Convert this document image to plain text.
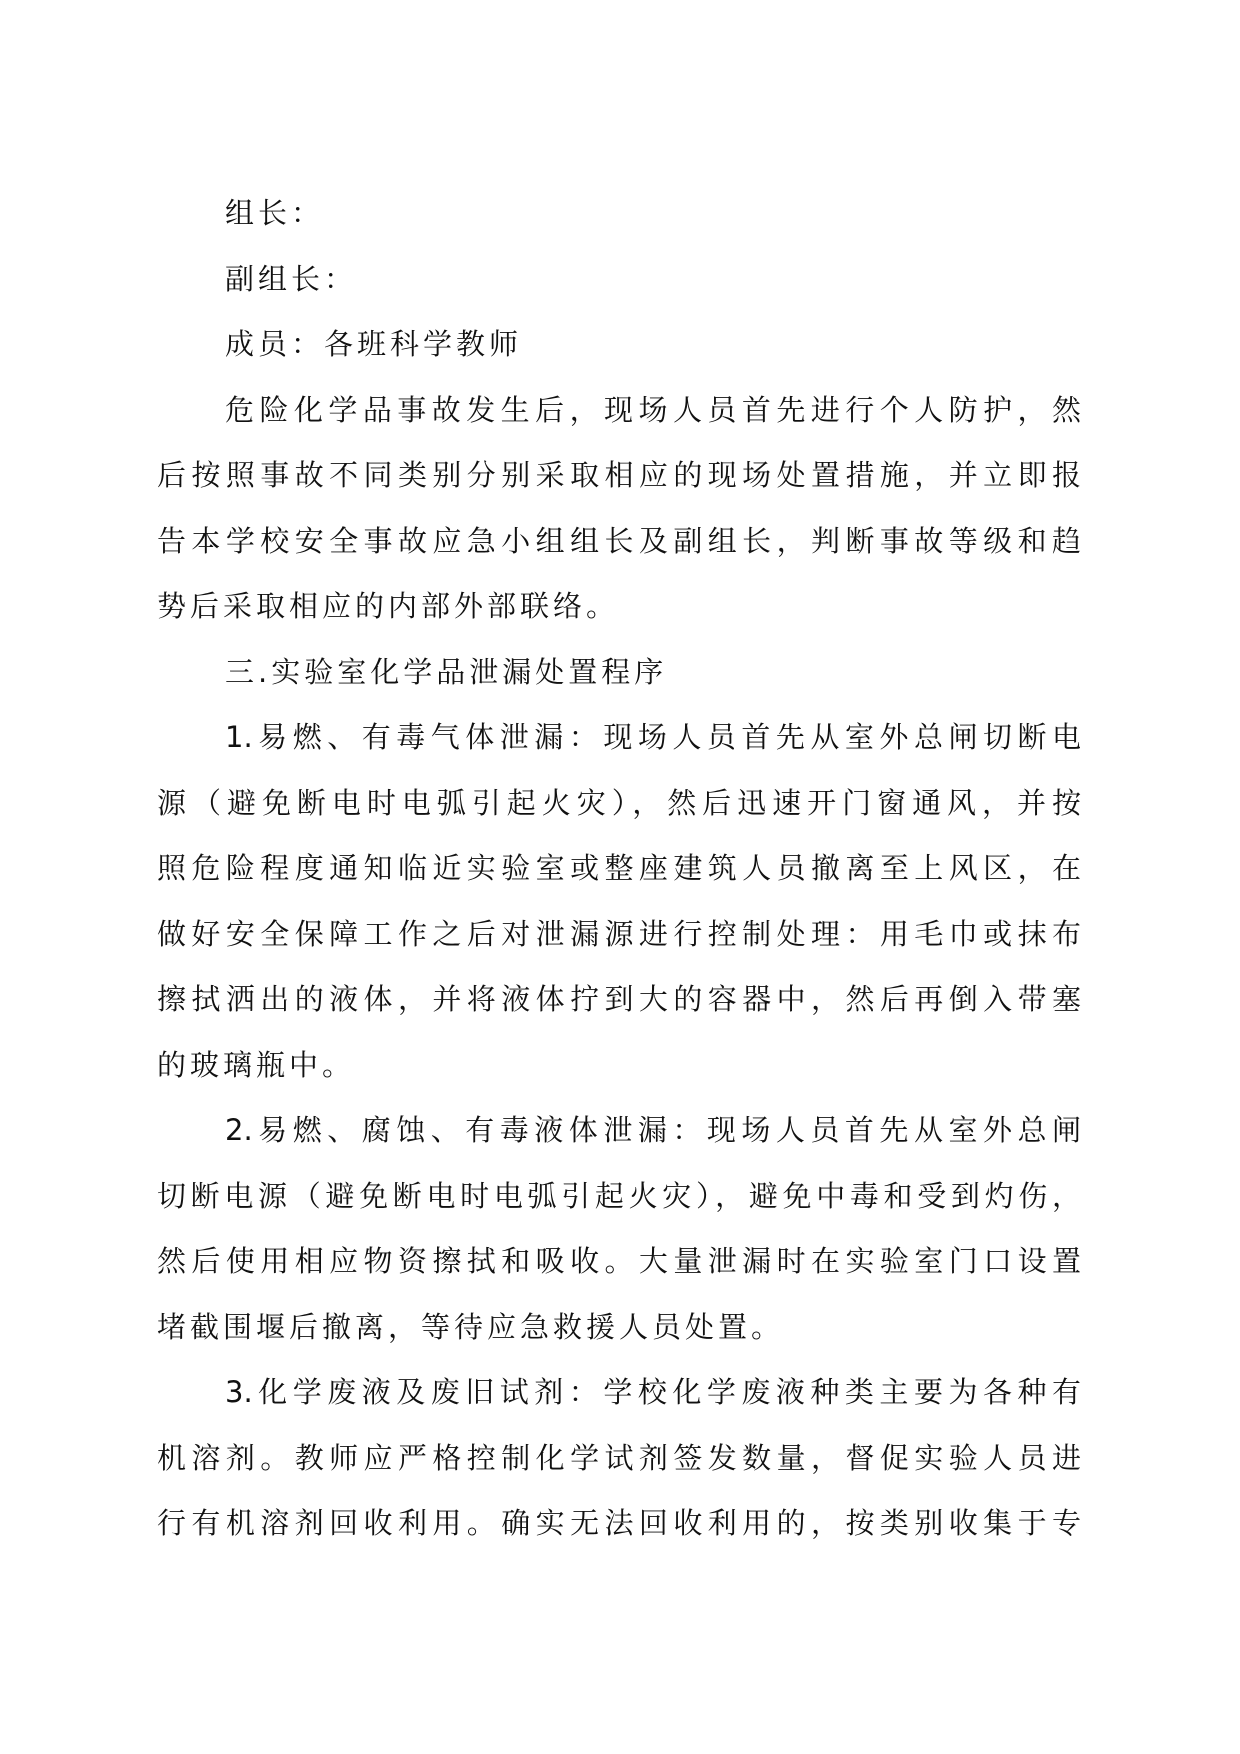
组长：
副组长：
成员：各班科学教师
危险化学品事故发生后，现场人员首先进行个人防护，然
后按照事故不同类别分别采取相应的现场处置措施，并立即报
告本学校安全事故应急小组组长及副组长，判断事故等级和趋
势后采取相应的内部外部联络。
三.实验室化学品泄漏处置程序
1.易燃、有毒气体泄漏：现场人员首先从室外总闸切断电
源（避免断电时电弧引起火灾），然后迅速开门窗通风，并按
照危险程度通知临近实验室或整座建筑人员撤离至上风区，在
做好安全保障工作之后对泄漏源进行控制处理：用毛巾或抹布
擦拭洒出的液体，并将液体拧到大的容器中，然后再倒入带塞
的玻璃瓶中。
2.易燃、腐蚀、有毒液体泄漏：现场人员首先从室外总闸
切断电源（避免断电时电弧引起火灾），避免中毒和受到灼伤，
然后使用相应物资擦拭和吸收。大量泄漏时在实验室门口设置
堵截围堰后撤离，等待应急救援人员处置。
3.化学废液及废旧试剂：学校化学废液种类主要为各种有
机溶剂。教师应严格控制化学试剂签发数量，督促实验人员进
行有机溶剂回收利用。确实无法回收利用的，按类别收集于专
